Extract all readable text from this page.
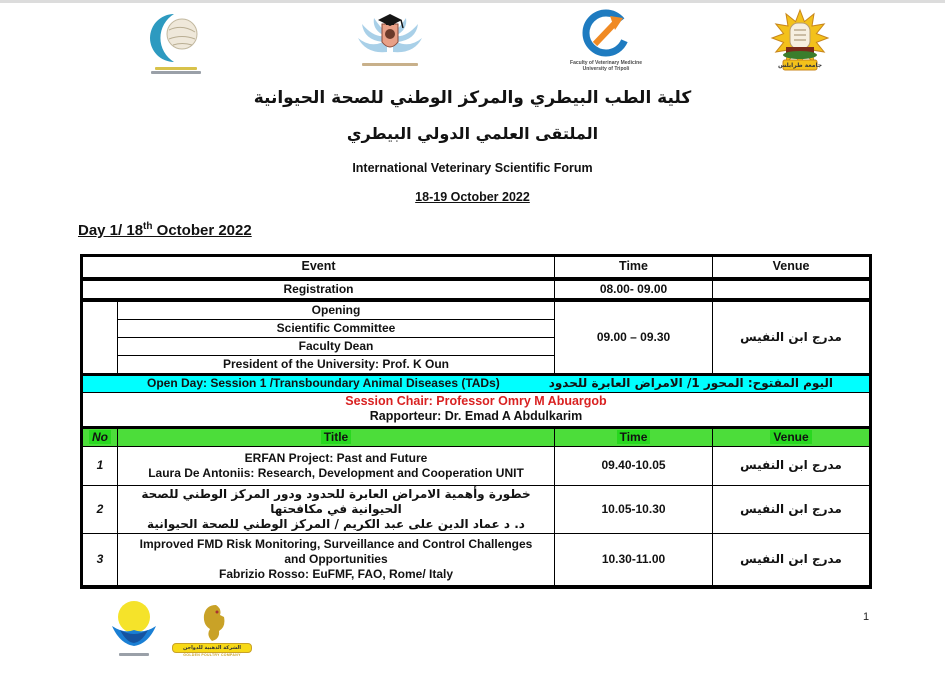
Faculty of Veterinary Medicine
University of Tripoli	جامعة طرابلس
كلية الطب البيطري والمركز الوطني للصحة الحيوانية
الملتقى العلمي الدولي البيطري
International Veterinary Scientific Forum
18-19 October 2022
Day 1/ 18th October 2022
Event		Time	Venue
Registration		08.00- 09.00	
	Opening	09.00 – 09.30	مدرج ابن النفيس
	Scientific Committee		
	Faculty Dean		
	President of the University: Prof. K Oun		

Open Day: Session 1 /Transboundary Animal Diseases (TADs) اليوم المفتوح: المحور 1/ الامراض العابرة للحدود			

Session Chair: Professor Omry M Abuargob
Rapporteur: Dr. Emad A Abdulkarim			

No	Title	Time	Venue
1	ERFAN Project: Past and Future
Laura De Antoniis: Research, Development and Cooperation UNIT	09.40-10.05	مدرج ابن النفيس
2	خطورة وأهمية الامراض العابرة للحدود ودور المركز الوطني للصحة الحيوانية في مكافحتها
د. د عماد الدين على عبد الكريم / المركز الوطني للصحة الحيوانية	10.05-10.30	مدرج ابن النفيس
3	Improved FMD Risk Monitoring, Surveillance and Control Challenges
and Opportunities
Fabrizio Rosso: EuFMF, FAO, Rome/ Italy	10.30-11.00	مدرج ابن النفيس
الشركة الذهبية للدواجن
GOLDEN POULTRY COMPANY
1
